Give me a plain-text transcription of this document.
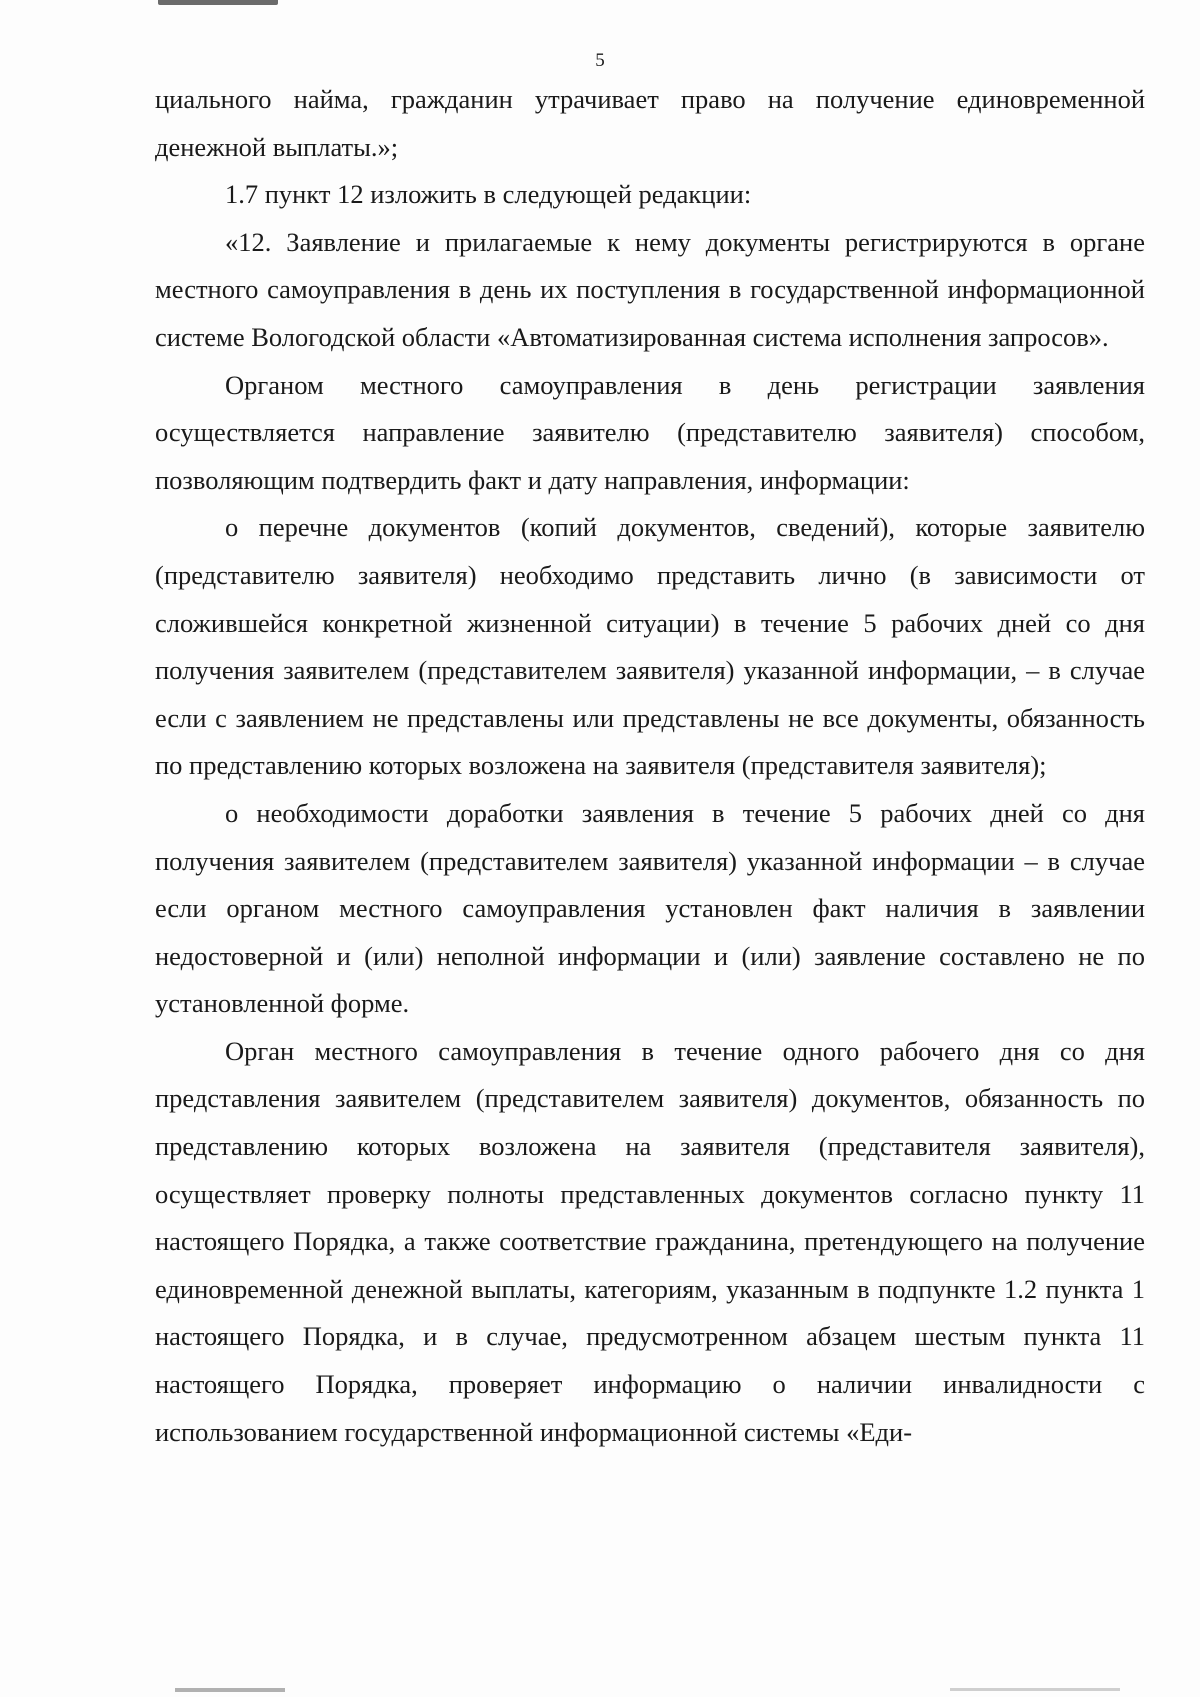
5

циального найма, гражданин утрачивает право на получение единовременной денежной выплаты.»;

1.7 пункт 12 изложить в следующей редакции:

«12. Заявление и прилагаемые к нему документы регистрируются в органе местного самоуправления в день их поступления в государственной информационной системе Вологодской области «Автоматизированная система исполнения запросов».

Органом местного самоуправления в день регистрации заявления осуществляется направление заявителю (представителю заявителя) способом, позволяющим подтвердить факт и дату направления, информации:

о перечне документов (копий документов, сведений), которые заявителю (представителю заявителя) необходимо представить лично (в зависимости от сложившейся конкретной жизненной ситуации) в течение 5 рабочих дней со дня получения заявителем (представителем заявителя) указанной информации, – в случае если с заявлением не представлены или представлены не все документы, обязанность по представлению которых возложена на заявителя (представителя заявителя);

о необходимости доработки заявления в течение 5 рабочих дней со дня получения заявителем (представителем заявителя) указанной информации – в случае если органом местного самоуправления установлен факт наличия в заявлении недостоверной и (или) неполной информации и (или) заявление составлено не по установленной форме.

Орган местного самоуправления в течение одного рабочего дня со дня представления заявителем (представителем заявителя) документов, обязанность по представлению которых возложена на заявителя (представителя заявителя), осуществляет проверку полноты представленных документов согласно пункту 11 настоящего Порядка, а также соответствие гражданина, претендующего на получение единовременной денежной выплаты, категориям, указанным в подпункте 1.2 пункта 1 настоящего Порядка, и в случае, предусмотренном абзацем шестым пункта 11 настоящего Порядка, проверяет информацию о наличии инвалидности с использованием государственной информационной системы «Еди-
